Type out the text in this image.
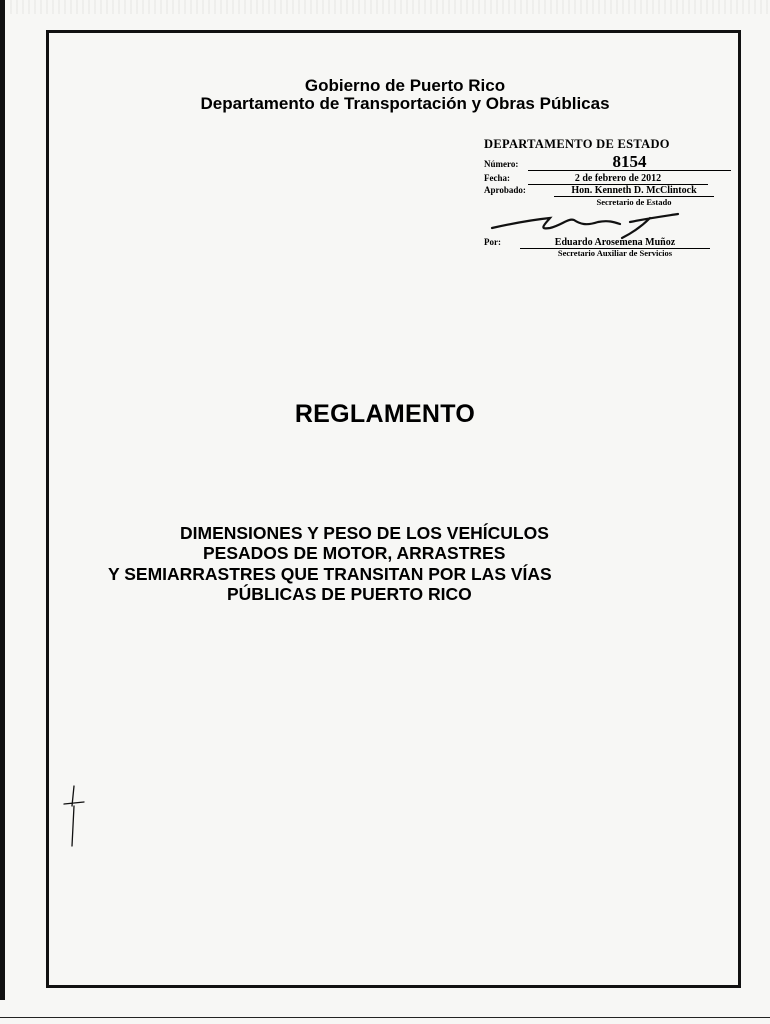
Gobierno de Puerto Rico
Departamento de Transportación y Obras Públicas
DEPARTAMENTO DE ESTADO
Número:	8154
Fecha:	2 de febrero de 2012
Aprobado:	Hon. Kenneth D. McClintock
Secretario de Estado
Por:	Eduardo Arosemena Muñoz
Secretario Auxiliar de Servicios
REGLAMENTO
DIMENSIONES Y PESO DE LOS VEHÍCULOS
PESADOS DE MOTOR, ARRASTRES
Y SEMIARRASTRES QUE TRANSITAN POR LAS VÍAS
PÚBLICAS DE PUERTO RICO
